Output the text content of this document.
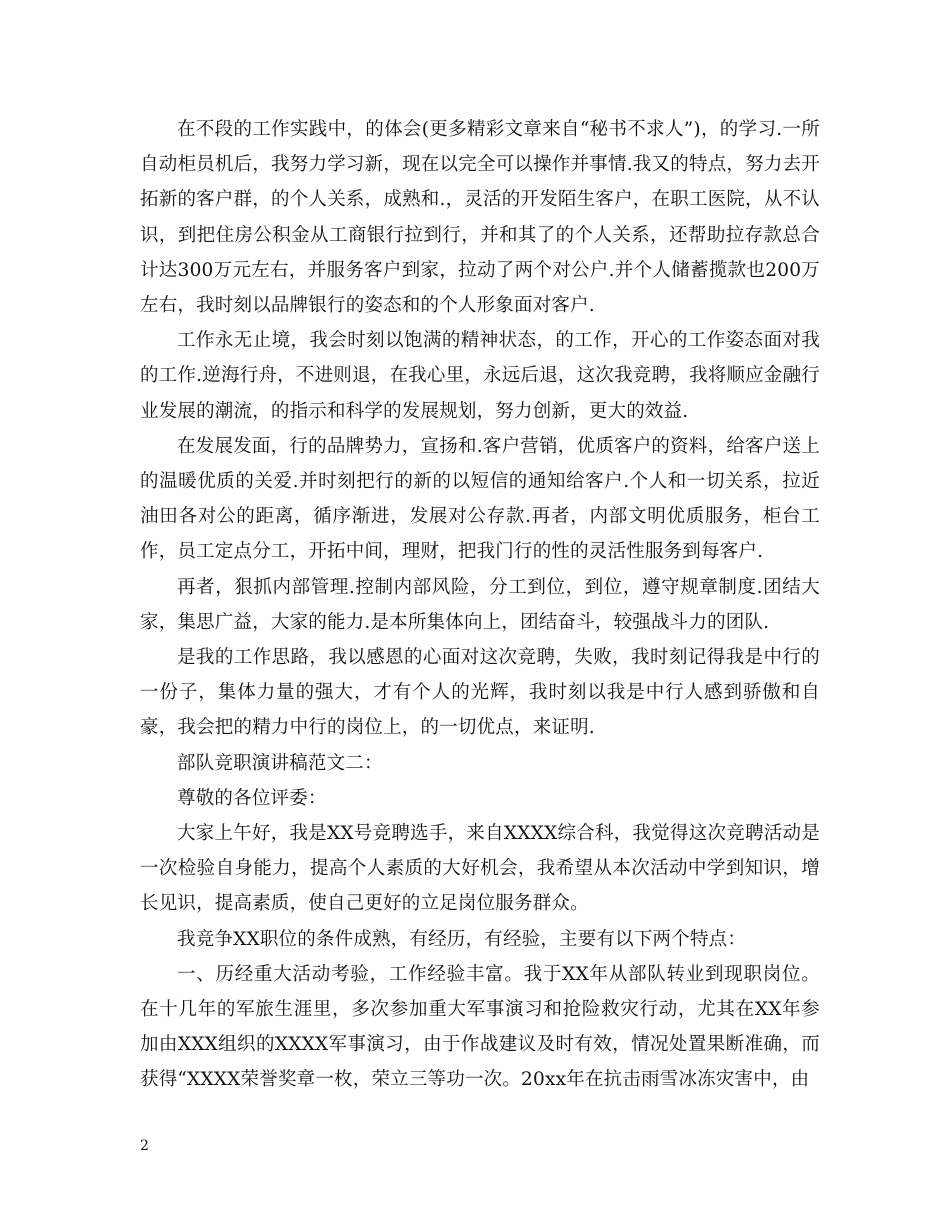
在不段的工作实践中，的体会(更多精彩文章来自“秘书不求人”)，的学习.一所自动柜员机后，我努力学习新，现在以完全可以操作并事情.我又的特点，努力去开拓新的客户群，的个人关系，成熟和.，灵活的开发陌生客户，在职工医院，从不认识，到把住房公积金从工商银行拉到行，并和其了的个人关系，还帮助拉存款总合计达300万元左右，并服务客户到家，拉动了两个对公户.并个人储蓄揽款也200万左右，我时刻以品牌银行的姿态和的个人形象面对客户.

工作永无止境，我会时刻以饱满的精神状态，的工作，开心的工作姿态面对我的工作.逆海行舟，不进则退，在我心里，永远后退，这次我竞聘，我将顺应金融行业发展的潮流，的指示和科学的发展规划，努力创新，更大的效益.

在发展发面，行的品牌势力，宣扬和.客户营销，优质客户的资料，给客户送上的温暖优质的关爱.并时刻把行的新的以短信的通知给客户.个人和一切关系，拉近油田各对公的距离，循序渐进，发展对公存款.再者，内部文明优质服务，柜台工作，员工定点分工，开拓中间，理财，把我门行的性的灵活性服务到每客户.

再者，狠抓内部管理.控制内部风险，分工到位，到位，遵守规章制度.团结大家，集思广益，大家的能力.是本所集体向上，团结奋斗，较强战斗力的团队.

是我的工作思路，我以感恩的心面对这次竞聘，失败，我时刻记得我是中行的一份子，集体力量的强大，才有个人的光辉，我时刻以我是中行人感到骄傲和自豪，我会把的精力中行的岗位上，的一切优点，来证明.

部队竞职演讲稿范文二：

尊敬的各位评委：

大家上午好，我是XX号竞聘选手，来自XXXX综合科，我觉得这次竞聘活动是一次检验自身能力，提高个人素质的大好机会，我希望从本次活动中学到知识，增长见识，提高素质，使自己更好的立足岗位服务群众。

我竞争XX职位的条件成熟，有经历，有经验，主要有以下两个特点：

一、历经重大活动考验，工作经验丰富。我于XX年从部队转业到现职岗位。在十几年的军旅生涯里，多次参加重大军事演习和抢险救灾行动，尤其在XX年参加由XXX组织的XXXX军事演习，由于作战建议及时有效，情况处置果断准确，而获得“XXXX荣誉奖章一枚，荣立三等功一次。20xx年在抗击雨雪冰冻灾害中，由

2
